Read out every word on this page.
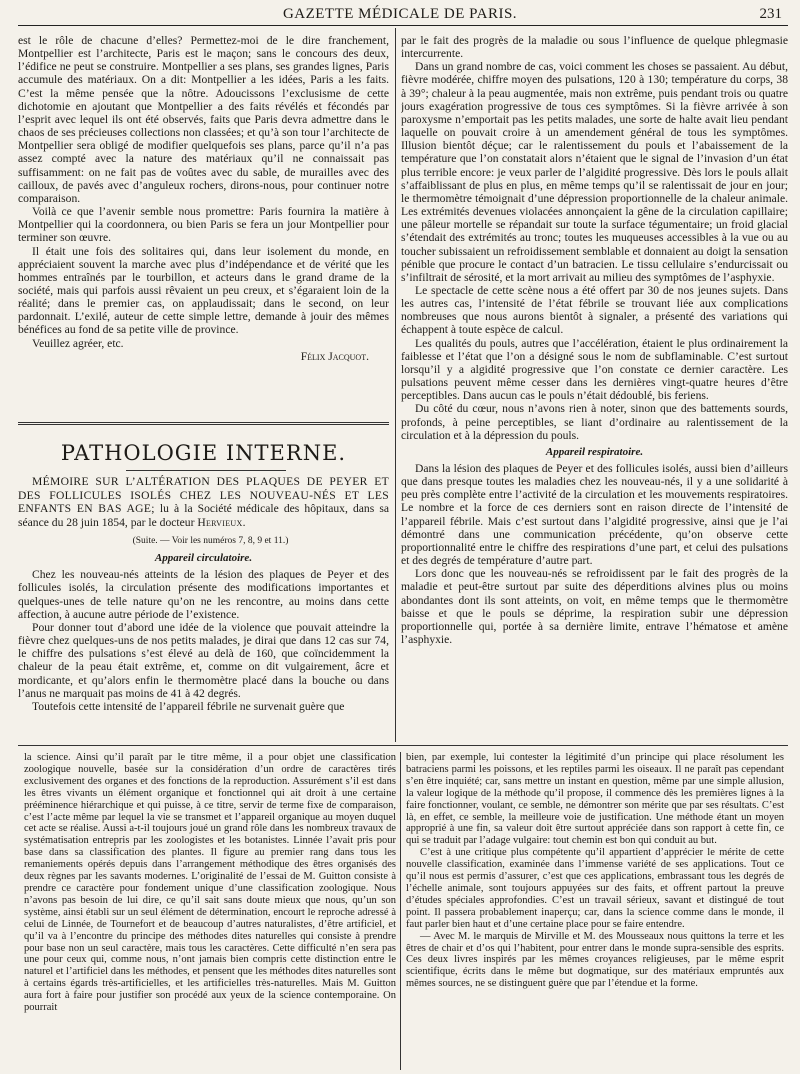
GAZETTE MÉDICALE DE PARIS.	231

est le rôle de chacune d’elles? Permettez-moi de le dire franchement, Montpellier est l’architecte, Paris est le maçon; sans le concours des deux, l’édifice ne peut se construire. Montpellier a ses plans, ses grandes lignes, Paris accumule des matériaux. On a dit: Montpellier a les idées, Paris a les faits. C’est la même pensée que la nôtre. Adoucissons l’exclusisme de cette dichotomie en ajoutant que Montpellier a des faits révélés et fécondés par l’esprit avec lequel ils ont été observés, faits que Paris devra admettre dans le chaos de ses précieuses collections non classées; et qu’à son tour l’architecte de Montpellier sera obligé de modifier quelquefois ses plans, parce qu’il n’a pas assez compté avec la nature des matériaux qu’il ne connaissait pas suffisamment: on ne fait pas de voûtes avec du sable, de murailles avec des cailloux, de pavés avec d’anguleux rochers, dirons-nous, pour continuer notre comparaison.

Voilà ce que l’avenir semble nous promettre: Paris fournira la matière à Montpellier qui la coordonnera, ou bien Paris se fera un jour Montpellier pour terminer son œuvre.

Il était une fois des solitaires qui, dans leur isolement du monde, en appréciaient souvent la marche avec plus d’indépendance et de vérité que les hommes entraînés par le tourbillon, et acteurs dans le grand drame de la société, mais qui parfois aussi rêvaient un peu creux, et s’égaraient loin de la réalité; dans le premier cas, on applaudissait; dans le second, on leur pardonnait. L’exilé, auteur de cette simple lettre, demande à jouir des mêmes bénéfices au fond de sa petite ville de province.

Veuillez agréer, etc.

Félix Jacquot.

PATHOLOGIE INTERNE.

MÉMOIRE SUR L’ALTÉRATION DES PLAQUES DE PEYER ET DES FOLLICULES ISOLÉS CHEZ LES NOUVEAU-NÉS ET LES ENFANTS EN BAS AGE; lu à la Société médicale des hôpitaux, dans sa séance du 28 juin 1854, par le docteur Hervieux.

(Suite. — Voir les numéros 7, 8, 9 et 11.)

Appareil circulatoire.

Chez les nouveau-nés atteints de la lésion des plaques de Peyer et des follicules isolés, la circulation présente des modifications importantes et quelques-unes de telle nature qu’on ne les rencontre, au moins dans cette affection, à aucune autre période de l’existence.

Pour donner tout d’abord une idée de la violence que pouvait atteindre la fièvre chez quelques-uns de nos petits malades, je dirai que dans 12 cas sur 74, le chiffre des pulsations s’est élevé au delà de 160, que coïncidemment la chaleur de la peau était extrême, et, comme on dit vulgairement, âcre et mordicante, et qu’alors enfin le thermomètre placé dans la bouche ou dans l’anus ne marquait pas moins de 41 à 42 degrés.

Toutefois cette intensité de l’appareil fébrile ne survenait guère que

par le fait des progrès de la maladie ou sous l’influence de quelque phlegmasie intercurrente.

Dans un grand nombre de cas, voici comment les choses se passaient. Au début, fièvre modérée, chiffre moyen des pulsations, 120 à 130; température du corps, 38 à 39°; chaleur à la peau augmentée, mais non extrême, puis pendant trois ou quatre jours exagération progressive de tous ces symptômes. Si la fièvre arrivée à son paroxysme n’emportait pas les petits malades, une sorte de halte avait lieu pendant laquelle on pouvait croire à un amendement général de tous les symptômes. Illusion bientôt déçue; car le ralentissement du pouls et l’abaissement de la température que l’on constatait alors n’étaient que le signal de l’invasion d’un état plus terrible encore: je veux parler de l’algidité progressive. Dès lors le pouls allait s’affaiblissant de plus en plus, en même temps qu’il se ralentissait de jour en jour; le thermomètre témoignait d’une dépression proportionnelle de la chaleur animale. Les extrémités devenues violacées annonçaient la gêne de la circulation capillaire; une pâleur mortelle se répandait sur toute la surface tégumentaire; un froid glacial s’étendait des extrémités au tronc; toutes les muqueuses accessibles à la vue ou au toucher subissaient un refroidissement semblable et donnaient au doigt la sensation pénible que procure le contact d’un batracien. Le tissu cellulaire s’endurcissait ou s’infiltrait de sérosité, et la mort arrivait au milieu des symptômes de l’asphyxie.

Le spectacle de cette scène nous a été offert par 30 de nos jeunes sujets. Dans les autres cas, l’intensité de l’état fébrile se trouvant liée aux complications nombreuses que nous aurons bientôt à signaler, a présenté des variations qui échappent à toute espèce de calcul.

Les qualités du pouls, autres que l’accélération, étaient le plus ordinairement la faiblesse et l’état que l’on a désigné sous le nom de subflaminable. C’est surtout lorsqu’il y a algidité progressive que l’on constate ce dernier caractère. Les pulsations peuvent même cesser dans les dernières vingt-quatre heures d’être perceptibles. Dans aucun cas le pouls n’était dédoublé, bis feriens.

Du côté du cœur, nous n’avons rien à noter, sinon que des battements sourds, profonds, à peine perceptibles, se liant d’ordinaire au ralentissement de la circulation et à la dépression du pouls.

Appareil respiratoire.

Dans la lésion des plaques de Peyer et des follicules isolés, aussi bien d’ailleurs que dans presque toutes les maladies chez les nouveau-nés, il y a une solidarité à peu près complète entre l’activité de la circulation et les mouvements respiratoires. Le nombre et la force de ces derniers sont en raison directe de l’intensité de l’appareil fébrile. Mais c’est surtout dans l’algidité progressive, ainsi que je l’ai démontré dans une communication précédente, qu’on observe cette proportionnalité entre le chiffre des respirations d’une part, et celui des pulsations et des degrés de température d’autre part.

Lors donc que les nouveau-nés se refroidissent par le fait des progrès de la maladie et peut-être surtout par suite des déperditions alvines plus ou moins abondantes dont ils sont atteints, on voit, en même temps que le thermomètre baisse et que le pouls se déprime, la respiration subir une dépression proportionnelle qui, portée à sa dernière limite, entrave l’hématose et amène l’asphyxie.

la science. Ainsi qu’il paraît par le titre même, il a pour objet une classification zoologique nouvelle, basée sur la considération d’un ordre de caractères tirés exclusivement des organes et des fonctions de la reproduction. Assurément s’il est dans les êtres vivants un élément organique et fonctionnel qui ait droit à une certaine prééminence hiérarchique et qui puisse, à ce titre, servir de terme fixe de comparaison, c’est l’acte même par lequel la vie se transmet et l’appareil organique au moyen duquel cet acte se réalise. Aussi a-t-il toujours joué un grand rôle dans les nombreux travaux de systématisation entrepris par les zoologistes et les botanistes. Linnée l’avait pris pour base dans sa classification des plantes. Il figure au premier rang dans tous les remaniements opérés depuis dans l’arrangement méthodique des êtres organisés des deux règnes par les savants modernes. L’originalité de l’essai de M. Guitton consiste à prendre ce caractère pour fondement unique d’une classification zoologique. Nous n’avons pas besoin de lui dire, ce qu’il sait sans doute mieux que nous, qu’un son système, ainsi établi sur un seul élément de détermination, encourt le reproche adressé à celui de Linnée, de Tournefort et de beaucoup d’autres naturalistes, d’être artificiel, et qu’il va à l’encontre du principe des méthodes dites naturelles qui consiste à prendre pour base non un seul caractère, mais tous les caractères. Cette difficulté n’en sera pas une pour ceux qui, comme nous, n’ont jamais bien compris cette distinction entre le naturel et l’artificiel dans les méthodes, et pensent que les méthodes dites naturelles sont à certains égards très-artificielles, et les artificielles très-naturelles. Mais M. Guitton aura fort à faire pour justifier son procédé aux yeux de la science contemporaine. On pourrait

bien, par exemple, lui contester la légitimité d’un principe qui place résolument les batraciens parmi les poissons, et les reptiles parmi les oiseaux. Il ne paraît pas cependant s’en être inquiété; car, sans mettre un instant en question, même par une simple allusion, la valeur logique de la méthode qu’il propose, il commence dès les premières lignes à la faire fonctionner, voulant, ce semble, ne démontrer son mérite que par ses résultats. C’est là, en effet, ce semble, la meilleure voie de justification. Une méthode étant un moyen approprié à une fin, sa valeur doit être surtout appréciée dans son rapport à cette fin, ce qui se traduit par l’adage vulgaire: tout chemin est bon qui conduit au but.

C’est à une critique plus compétente qu’il appartient d’apprécier le mérite de cette nouvelle classification, examinée dans l’immense variété de ses applications. Tout ce qu’il nous est permis d’assurer, c’est que ces applications, embrassant tous les degrés de l’échelle animale, sont toujours appuyées sur des faits, et offrent partout la preuve d’études spéciales approfondies. C’est un travail sérieux, savant et distingué de tout point. Il passera probablement inaperçu; car, dans la science comme dans le monde, il faut parler bien haut et d’une certaine place pour se faire entendre.

— Avec M. le marquis de Mirville et M. des Mousseaux nous quittons la terre et les êtres de chair et d’os qui l’habitent, pour entrer dans le monde supra-sensible des esprits. Ces deux livres inspirés par les mêmes croyances religieuses, par le même esprit scientifique, écrits dans le même but dogmatique, sur des matériaux empruntés aux mêmes sources, ne se distinguent guère que par l’étendue et la forme.
